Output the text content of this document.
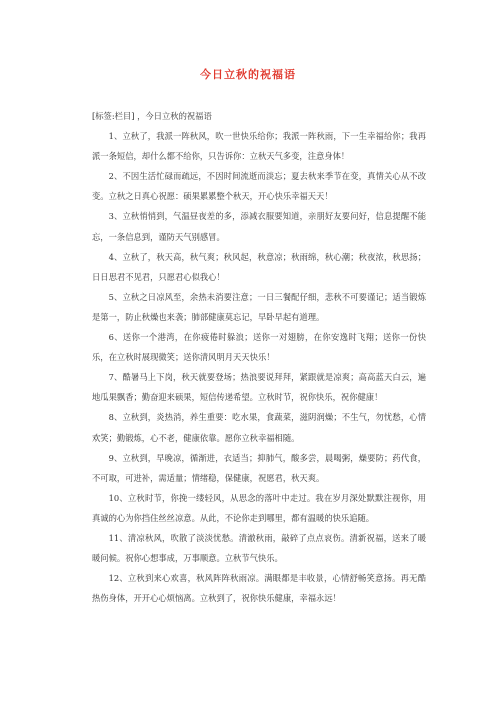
今日立秋的祝福语

[标签:栏目] ，今日立秋的祝福语

1、立秋了，我派一阵秋风，吹一世快乐给你；我派一阵秋雨，下一生幸福给你；我再派一条短信，却什么都不给你，只告诉你：立秋天气多变，注意身体！

2、不因生活忙碌而疏远，不因时间流逝而淡忘；夏去秋来季节在变，真情关心从不改变。立秋之日真心祝愿：硕果累累整个秋天，开心快乐幸福天天！

3、立秋悄悄到，气温昼夜差的多，添减衣服要知道，亲朋好友要问好，信息提醒不能忘，一条信息到，谨防天气别感冒。

4、立秋了，秋天高，秋气爽；秋风起，秋意凉；秋雨绵，秋心潮；秋夜浓，秋思扬；日日思君不见君，只愿君心似我心！

5、立秋之日凉风至，余热未消要注意；一日三餐配仔细，悲秋不可要谨记；适当锻炼是第一，防止秋燥也来袭；肺部健康莫忘记，早卧早起有道理。

6、送你一个港湾，在你疲倦时躲浪；送你一对翅膀，在你安逸时飞翔；送你一份快乐，在立秋时展现微笑；送你清风明月天天快乐！

7、酷暑马上下岗，秋天就要登场；热浪要说拜拜，紧跟就是凉爽；高高蓝天白云，遍地瓜果飘香；勤奋迎来硕果，短信传递希望。立秋时节，祝你快乐，祝你健康！

8、立秋到，炎热消，养生重要：吃水果，食蔬菜，滋阴润燥；不生气，勿忧愁，心情欢笑；勤锻炼，心不老，健康依靠。愿你立秋幸福相随。

9、立秋到，早晚凉，循渐进，衣适当；抑肺气，酸多尝，晨喝粥，燥要防；药代食，不可取，可进补，需适量；情绪稳，保健康，祝愿君，秋天爽。

10、立秋时节，你挽一缕轻风，从思念的落叶中走过。我在岁月深处默默注视你，用真诚的心为你挡住丝丝凉意。从此，不论你走到哪里，都有温暖的快乐追随。

11、清凉秋风，吹散了淡淡忧愁。清澈秋雨，敲碎了点点哀伤。清新祝福，送来了暖暖问候。祝你心想事成，万事顺意。立秋节气快乐。

12、立秋到来心欢喜，秋风阵阵秋雨凉。满眼都是丰收景，心情舒畅笑意扬。再无酷热伤身体，开开心心烦恼离。立秋到了，祝你快乐健康，幸福永远！
